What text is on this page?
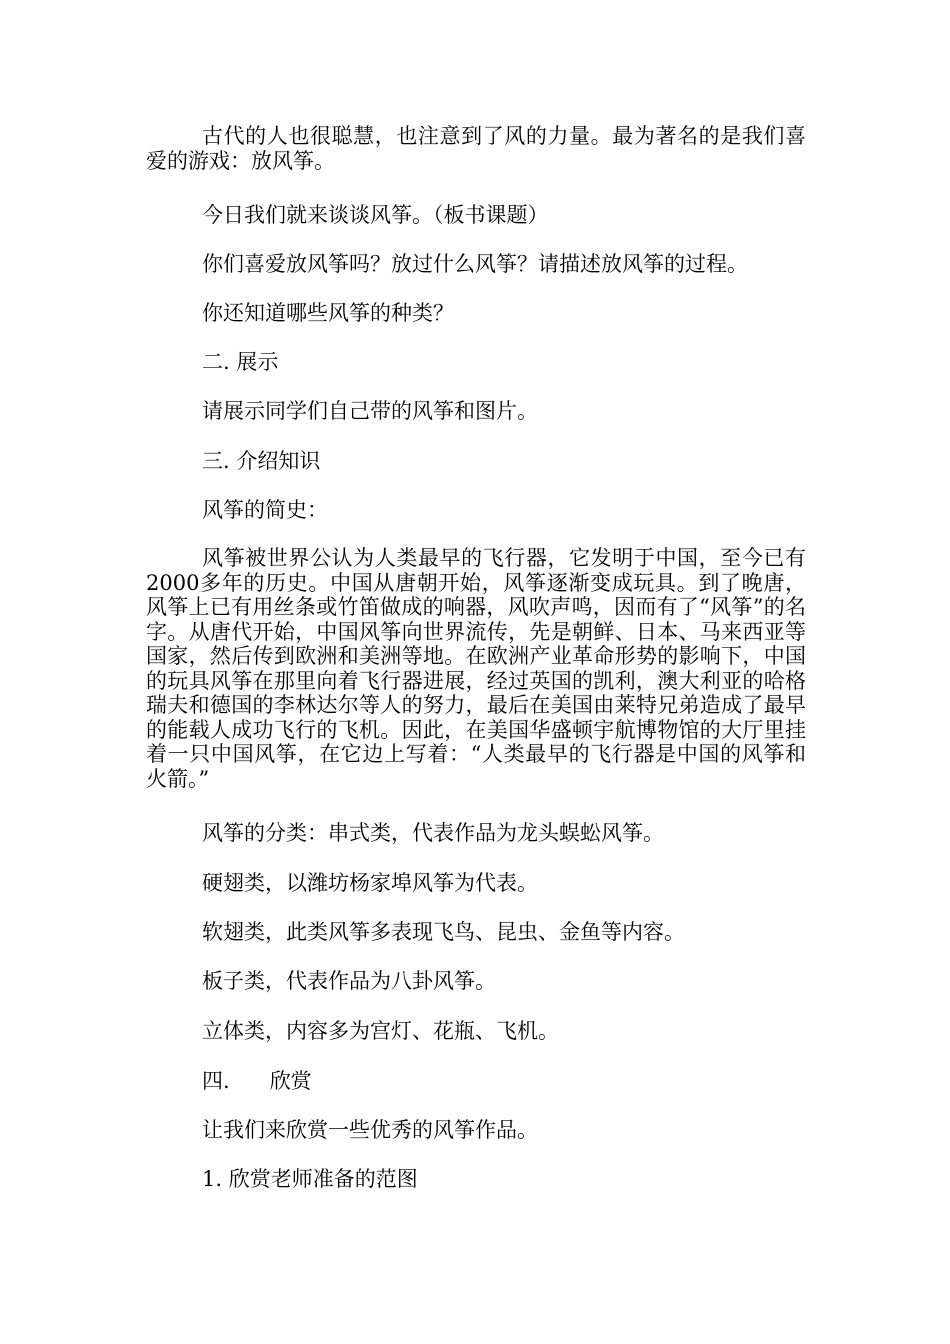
古代的人也很聪慧，也注意到了风的力量。最为著名的是我们喜爱的游戏：放风筝。

今日我们就来谈谈风筝。（板书课题）

你们喜爱放风筝吗？放过什么风筝？请描述放风筝的过程。

你还知道哪些风筝的种类？

二. 展示

请展示同学们自己带的风筝和图片。

三. 介绍知识

风筝的简史：

风筝被世界公认为人类最早的飞行器，它发明于中国，至今已有2000多年的历史。中国从唐朝开始，风筝逐渐变成玩具。到了晚唐，风筝上已有用丝条或竹笛做成的响器，风吹声鸣，因而有了“风筝”的名字。从唐代开始，中国风筝向世界流传，先是朝鲜、日本、马来西亚等国家，然后传到欧洲和美洲等地。在欧洲产业革命形势的影响下，中国的玩具风筝在那里向着飞行器进展，经过英国的凯利，澳大利亚的哈格瑞夫和德国的李林达尔等人的努力，最后在美国由莱特兄弟造成了最早的能载人成功飞行的飞机。因此，在美国华盛顿宇航博物馆的大厅里挂着一只中国风筝，在它边上写着：“人类最早的飞行器是中国的风筝和火箭。”

风筝的分类：串式类，代表作品为龙头蜈蚣风筝。

硬翅类，以潍坊杨家埠风筝为代表。

软翅类，此类风筝多表现飞鸟、昆虫、金鱼等内容。

板子类，代表作品为八卦风筝。

立体类，内容多为宫灯、花瓶、飞机。

四. 欣赏

让我们来欣赏一些优秀的风筝作品。

1. 欣赏老师准备的范图
